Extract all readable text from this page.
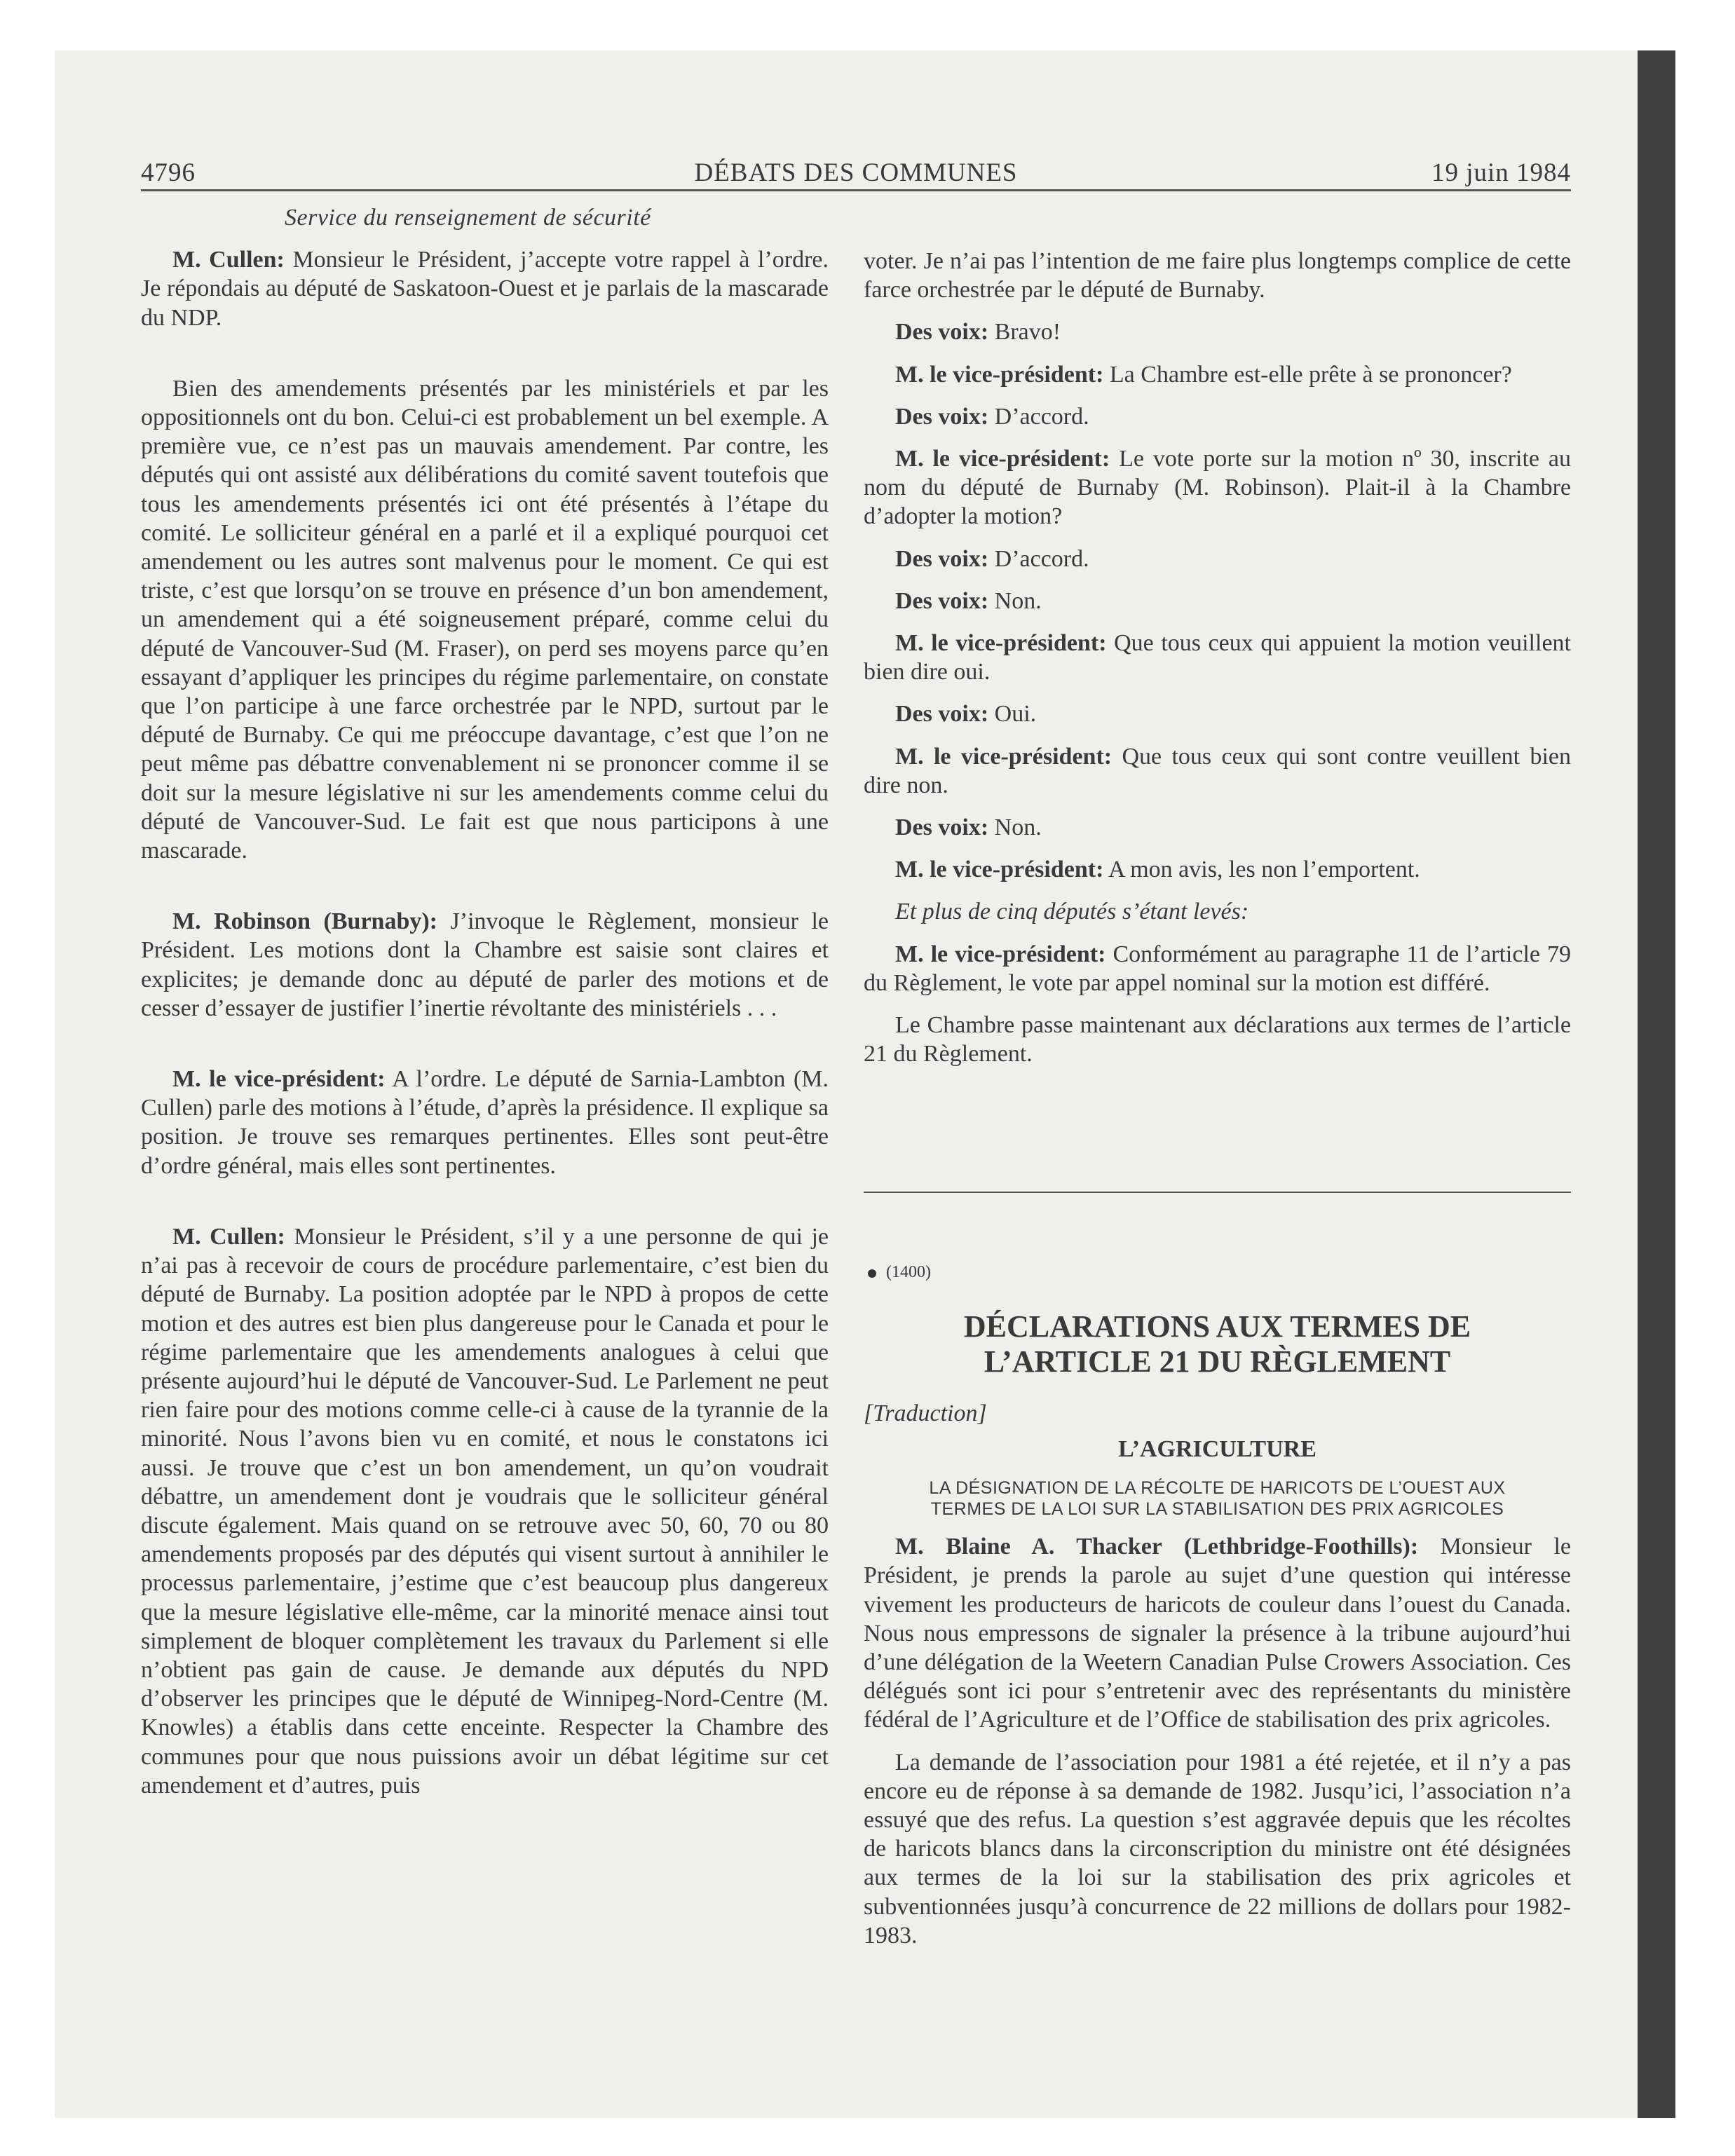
4796	DÉBATS DES COMMUNES	19 juin 1984

Service du renseignement de sécurité

M. Cullen: Monsieur le Président, j’accepte votre rappel à l’ordre. Je répondais au député de Saskatoon-Ouest et je parlais de la mascarade du NDP.

Bien des amendements présentés par les ministériels et par les oppositionnels ont du bon. Celui-ci est probablement un bel exemple. A première vue, ce n’est pas un mauvais amendement. Par contre, les députés qui ont assisté aux délibérations du comité savent toutefois que tous les amendements présentés ici ont été présentés à l’étape du comité. Le solliciteur général en a parlé et il a expliqué pourquoi cet amendement ou les autres sont malvenus pour le moment. Ce qui est triste, c’est que lorsqu’on se trouve en présence d’un bon amendement, un amendement qui a été soigneusement préparé, comme celui du député de Vancouver-Sud (M. Fraser), on perd ses moyens parce qu’en essayant d’appliquer les principes du régime parlementaire, on constate que l’on participe à une farce orchestrée par le NPD, surtout par le député de Burnaby. Ce qui me préoccupe davantage, c’est que l’on ne peut même pas débattre convenablement ni se prononcer comme il se doit sur la mesure législative ni sur les amendements comme celui du député de Vancouver-Sud. Le fait est que nous participons à une mascarade.

M. Robinson (Burnaby): J’invoque le Règlement, monsieur le Président. Les motions dont la Chambre est saisie sont claires et explicites; je demande donc au député de parler des motions et de cesser d’essayer de justifier l’inertie révoltante des ministériels . . .

M. le vice-président: A l’ordre. Le député de Sarnia-Lambton (M. Cullen) parle des motions à l’étude, d’après la présidence. Il explique sa position. Je trouve ses remarques pertinentes. Elles sont peut-être d’ordre général, mais elles sont pertinentes.

M. Cullen: Monsieur le Président, s’il y a une personne de qui je n’ai pas à recevoir de cours de procédure parlementaire, c’est bien du député de Burnaby. La position adoptée par le NPD à propos de cette motion et des autres est bien plus dangereuse pour le Canada et pour le régime parlementaire que les amendements analogues à celui que présente aujourd’hui le député de Vancouver-Sud. Le Parlement ne peut rien faire pour des motions comme celle-ci à cause de la tyrannie de la minorité. Nous l’avons bien vu en comité, et nous le constatons ici aussi. Je trouve que c’est un bon amendement, un qu’on voudrait débattre, un amendement dont je voudrais que le solliciteur général discute également. Mais quand on se retrouve avec 50, 60, 70 ou 80 amendements proposés par des députés qui visent surtout à annihiler le processus parlementaire, j’estime que c’est beaucoup plus dangereux que la mesure législative elle-même, car la minorité menace ainsi tout simplement de bloquer complètement les travaux du Parlement si elle n’obtient pas gain de cause. Je demande aux députés du NPD d’observer les principes que le député de Winnipeg-Nord-Centre (M. Knowles) a établis dans cette enceinte. Respecter la Chambre des communes pour que nous puissions avoir un débat légitime sur cet amendement et d’autres, puis

voter. Je n’ai pas l’intention de me faire plus longtemps complice de cette farce orchestrée par le député de Burnaby.

Des voix: Bravo!

M. le vice-président: La Chambre est-elle prête à se prononcer?

Des voix: D’accord.

M. le vice-président: Le vote porte sur la motion nº 30, inscrite au nom du député de Burnaby (M. Robinson). Plait-il à la Chambre d’adopter la motion?

Des voix: D’accord.

Des voix: Non.

M. le vice-président: Que tous ceux qui appuient la motion veuillent bien dire oui.

Des voix: Oui.

M. le vice-président: Que tous ceux qui sont contre veuillent bien dire non.

Des voix: Non.

M. le vice-président: A mon avis, les non l’emportent.

Et plus de cinq députés s’étant levés:

M. le vice-président: Conformément au paragraphe 11 de l’article 79 du Règlement, le vote par appel nominal sur la motion est différé.

Le Chambre passe maintenant aux déclarations aux termes de l’article 21 du Règlement.

(1400)
DÉCLARATIONS AUX TERMES DE
L’ARTICLE 21 DU RÈGLEMENT
[Traduction]
L’AGRICULTURE
LA DÉSIGNATION DE LA RÉCOLTE DE HARICOTS DE L’OUEST AUX TERMES DE LA LOI SUR LA STABILISATION DES PRIX AGRICOLES

M. Blaine A. Thacker (Lethbridge-Foothills): Monsieur le Président, je prends la parole au sujet d’une question qui intéresse vivement les producteurs de haricots de couleur dans l’ouest du Canada. Nous nous empressons de signaler la présence à la tribune aujourd’hui d’une délégation de la Weetern Canadian Pulse Crowers Association. Ces délégués sont ici pour s’entretenir avec des représentants du ministère fédéral de l’Agriculture et de l’Office de stabilisation des prix agricoles.

La demande de l’association pour 1981 a été rejetée, et il n’y a pas encore eu de réponse à sa demande de 1982. Jusqu’ici, l’association n’a essuyé que des refus. La question s’est aggravée depuis que les récoltes de haricots blancs dans la circonscription du ministre ont été désignées aux termes de la loi sur la stabilisation des prix agricoles et subventionnées jusqu’à concurrence de 22 millions de dollars pour 1982-1983.
